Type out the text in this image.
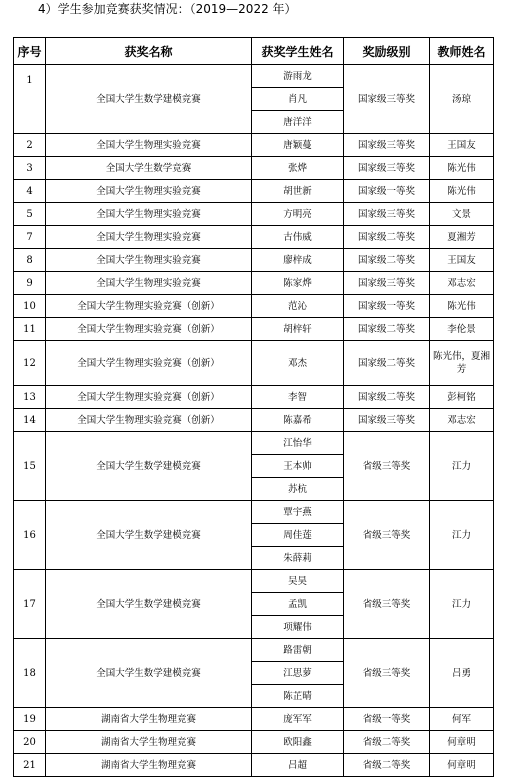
4）学生参加竞赛获奖情况：（2019—2022 年）
序号	获奖名称	获奖学生姓名	奖励级别	教师姓名
1	全国大学生数学建模竞赛	游雨龙	国家级三等奖	汤琼
		肖凡		
		唐洋洋		
2	全国大学生物理实验竞赛	唐颖蔓	国家级三等奖	王国友
3	全国大学生数学竞赛	张烨	国家级三等奖	陈光伟
4	全国大学生物理实验竞赛	胡世新	国家级一等奖	陈光伟
5	全国大学生物理实验竞赛	方明亮	国家级三等奖	文景
7	全国大学生物理实验竞赛	古伟威	国家级二等奖	夏湘芳
8	全国大学生物理实验竞赛	廖梓成	国家级二等奖	王国友
9	全国大学生物理实验竞赛	陈家烨	国家级三等奖	邓志宏
10	全国大学生物理实验竞赛（创新）	范沁	国家级一等奖	陈光伟
11	全国大学生物理实验竞赛（创新）	胡梓轩	国家级二等奖	李伦景
12	全国大学生物理实验竞赛（创新）	邓杰	国家级二等奖	陈光伟，夏湘芳
13	全国大学生物理实验竞赛（创新）	李智	国家级二等奖	彭柯铭
14	全国大学生物理实验竞赛（创新）	陈嘉希	国家级三等奖	邓志宏
15	全国大学生数学建模竞赛	江怡华	省级三等奖	江力
		王本帅		
		苏杭		
16	全国大学生数学建模竞赛	覃宇燕	省级三等奖	江力
		周佳莲		
		朱薛莉		
17	全国大学生数学建模竞赛	吴昊	省级三等奖	江力
		孟凯		
		项耀伟		
18	全国大学生数学建模竞赛	路雷朝	省级三等奖	吕勇
		江思萝		
		陈芷晴		
19	湖南省大学生物理竞赛	庞军军	省级一等奖	何军
20	湖南省大学生物理竞赛	欧阳鑫	省级二等奖	何章明
21	湖南省大学生物理竞赛	吕超	省级二等奖	何章明
